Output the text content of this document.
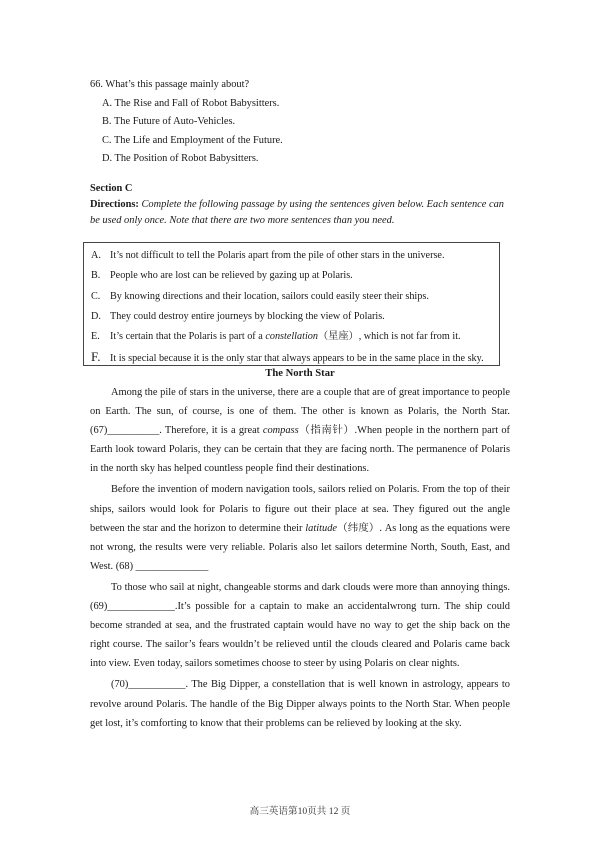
66. What’s this passage mainly about?
A. The Rise and Fall of Robot Babysitters.
B. The Future of Auto-Vehicles.
C. The Life and Employment of the Future.
D. The Position of Robot Babysitters.
Section C
Directions: Complete the following passage by using the sentences given below. Each sentence can be used only once. Note that there are two more sentences than you need.
A. It’s not difficult to tell the Polaris apart from the pile of other stars in the universe.
B. People who are lost can be relieved by gazing up at Polaris.
C. By knowing directions and their location, sailors could easily steer their ships.
D. They could destroy entire journeys by blocking the view of Polaris.
E. It’s certain that the Polaris is part of a constellation（星座）, which is not far from it.
F. It is special because it is the only star that always appears to be in the same place in the sky.
The North Star

Among the pile of stars in the universe, there are a couple that are of great importance to people on Earth. The sun, of course, is one of them. The other is known as Polaris, the North Star. (67)__________. Therefore, it is a great compass（指南针）.When people in the northern part of Earth look toward Polaris, they can be certain that they are facing north. The permanence of Polaris in the north sky has helped countless people find their destinations.

Before the invention of modern navigation tools, sailors relied on Polaris. From the top of their ships, sailors would look for Polaris to figure out their place at sea. They figured out the angle between the star and the horizon to determine their latitude（纬度）. As long as the equations were not wrong, the results were very reliable. Polaris also let sailors determine North, South, East, and West. (68) ______________

To those who sail at night, changeable storms and dark clouds were more than annoying things.(69)_____________.It’s possible for a captain to make an accidentalwrong turn. The ship could become stranded at sea, and the frustrated captain would have no way to get the ship back on the right course. The sailor’s fears wouldn’t be relieved until the clouds cleared and Polaris came back into view. Even today, sailors sometimes choose to steer by using Polaris on clear nights.

(70)___________. The Big Dipper, a constellation that is well known in astrology, appears to revolve around Polaris. The handle of the Big Dipper always points to the North Star. When people get lost, it’s comforting to know that their problems can be relieved by looking at the sky.

高三英语第10页共 12 页
